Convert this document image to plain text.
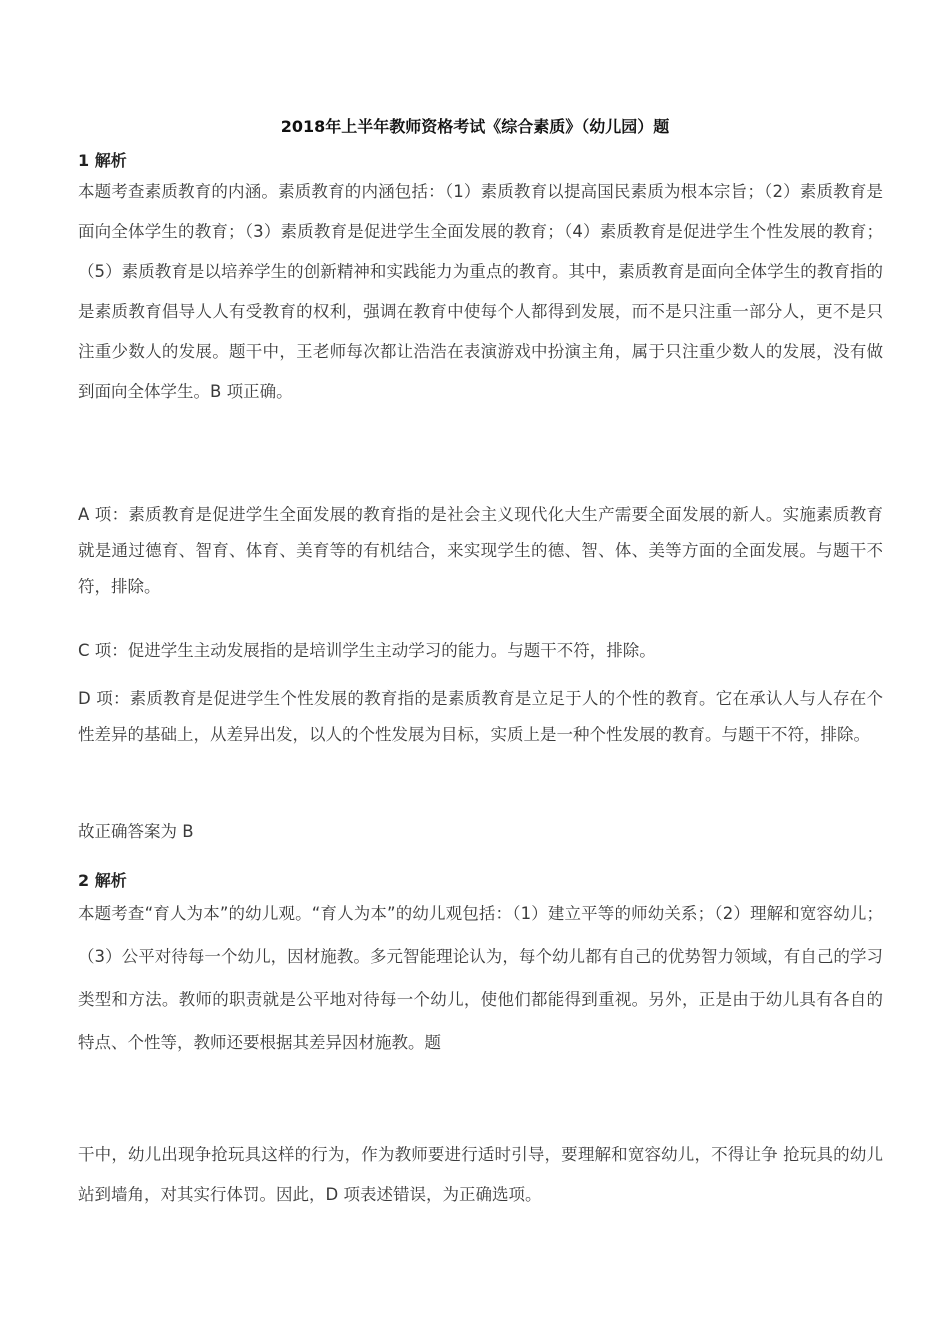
2018年上半年教师资格考试《综合素质》（幼儿园）题
1 解析
本题考查素质教育的内涵。素质教育的内涵包括：（1）素质教育以提高国民素质为根本宗旨；（2）素质教育是面向全体学生的教育；（3）素质教育是促进学生全面发展的教育；（4）素质教育是促进学生个性发展的教育；（5）素质教育是以培养学生的创新精神和实践能力为重点的教育。其中，素质教育是面向全体学生的教育指的是素质教育倡导人人有受教育的权利，强调在教育中使每个人都得到发展，而不是只注重一部分人，更不是只注重少数人的发展。题干中，王老师每次都让浩浩在表演游戏中扮演主角，属于只注重少数人的发展，没有做到面向全体学生。B 项正确。
A 项：素质教育是促进学生全面发展的教育指的是社会主义现代化大生产需要全面发展的新人。实施素质教育就是通过德育、智育、体育、美育等的有机结合，来实现学生的德、智、体、美等方面的全面发展。与题干不符，排除。
C 项：促进学生主动发展指的是培训学生主动学习的能力。与题干不符，排除。
D 项：素质教育是促进学生个性发展的教育指的是素质教育是立足于人的个性的教育。它在承认人与人存在个性差异的基础上，从差异出发，以人的个性发展为目标，实质上是一种个性发展的教育。与题干不符，排除。
故正确答案为 B
2 解析
本题考查“育人为本”的幼儿观。“育人为本”的幼儿观包括：（1）建立平等的师幼关系；（2）理解和宽容幼儿；（3）公平对待每一个幼儿，因材施教。多元智能理论认为，每个幼儿都有自己的优势智力领域，有自己的学习类型和方法。教师的职责就是公平地对待每一个幼儿，使他们都能得到重视。另外，正是由于幼儿具有各自的特点、个性等，教师还要根据其差异因材施教。题
干中，幼儿出现争抢玩具这样的行为，作为教师要进行适时引导，要理解和宽容幼儿，不得让争 抢玩具的幼儿站到墙角，对其实行体罚。因此，D 项表述错误，为正确选项。
